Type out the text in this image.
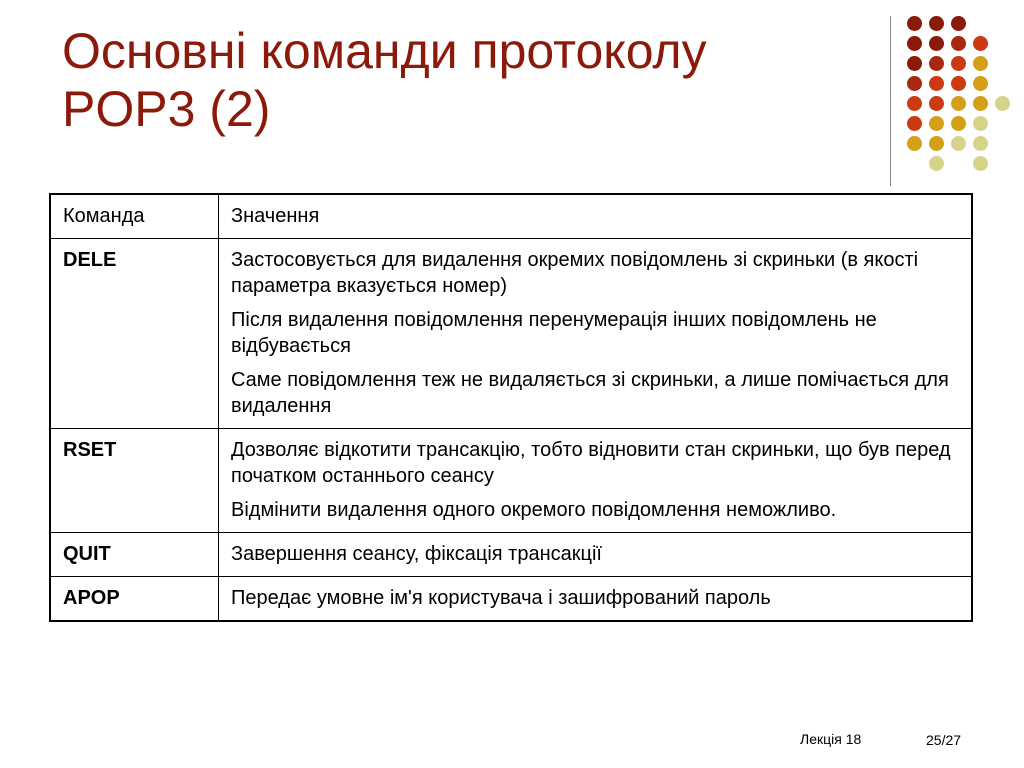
Основні команди протоколу
POP3 (2)
Команда	Значення
DELE	Застосовується для видалення окремих повідомлень зі скриньки (в якості параметра вказується номер)

Після видалення повідомлення перенумерація інших повідомлень не відбувається

Саме повідомлення теж не видаляється зі скриньки, а лише помічається для видалення

RSET	Дозволяє відкотити трансакцію, тобто відновити стан скриньки, що був перед початком останнього сеансу

Відмінити видалення одного окремого повідомлення неможливо.

QUIT	Завершення сеансу, фіксація трансакції

APOP	Передає умовне ім'я користувача і зашифрований пароль

Лекція 18	25/27
